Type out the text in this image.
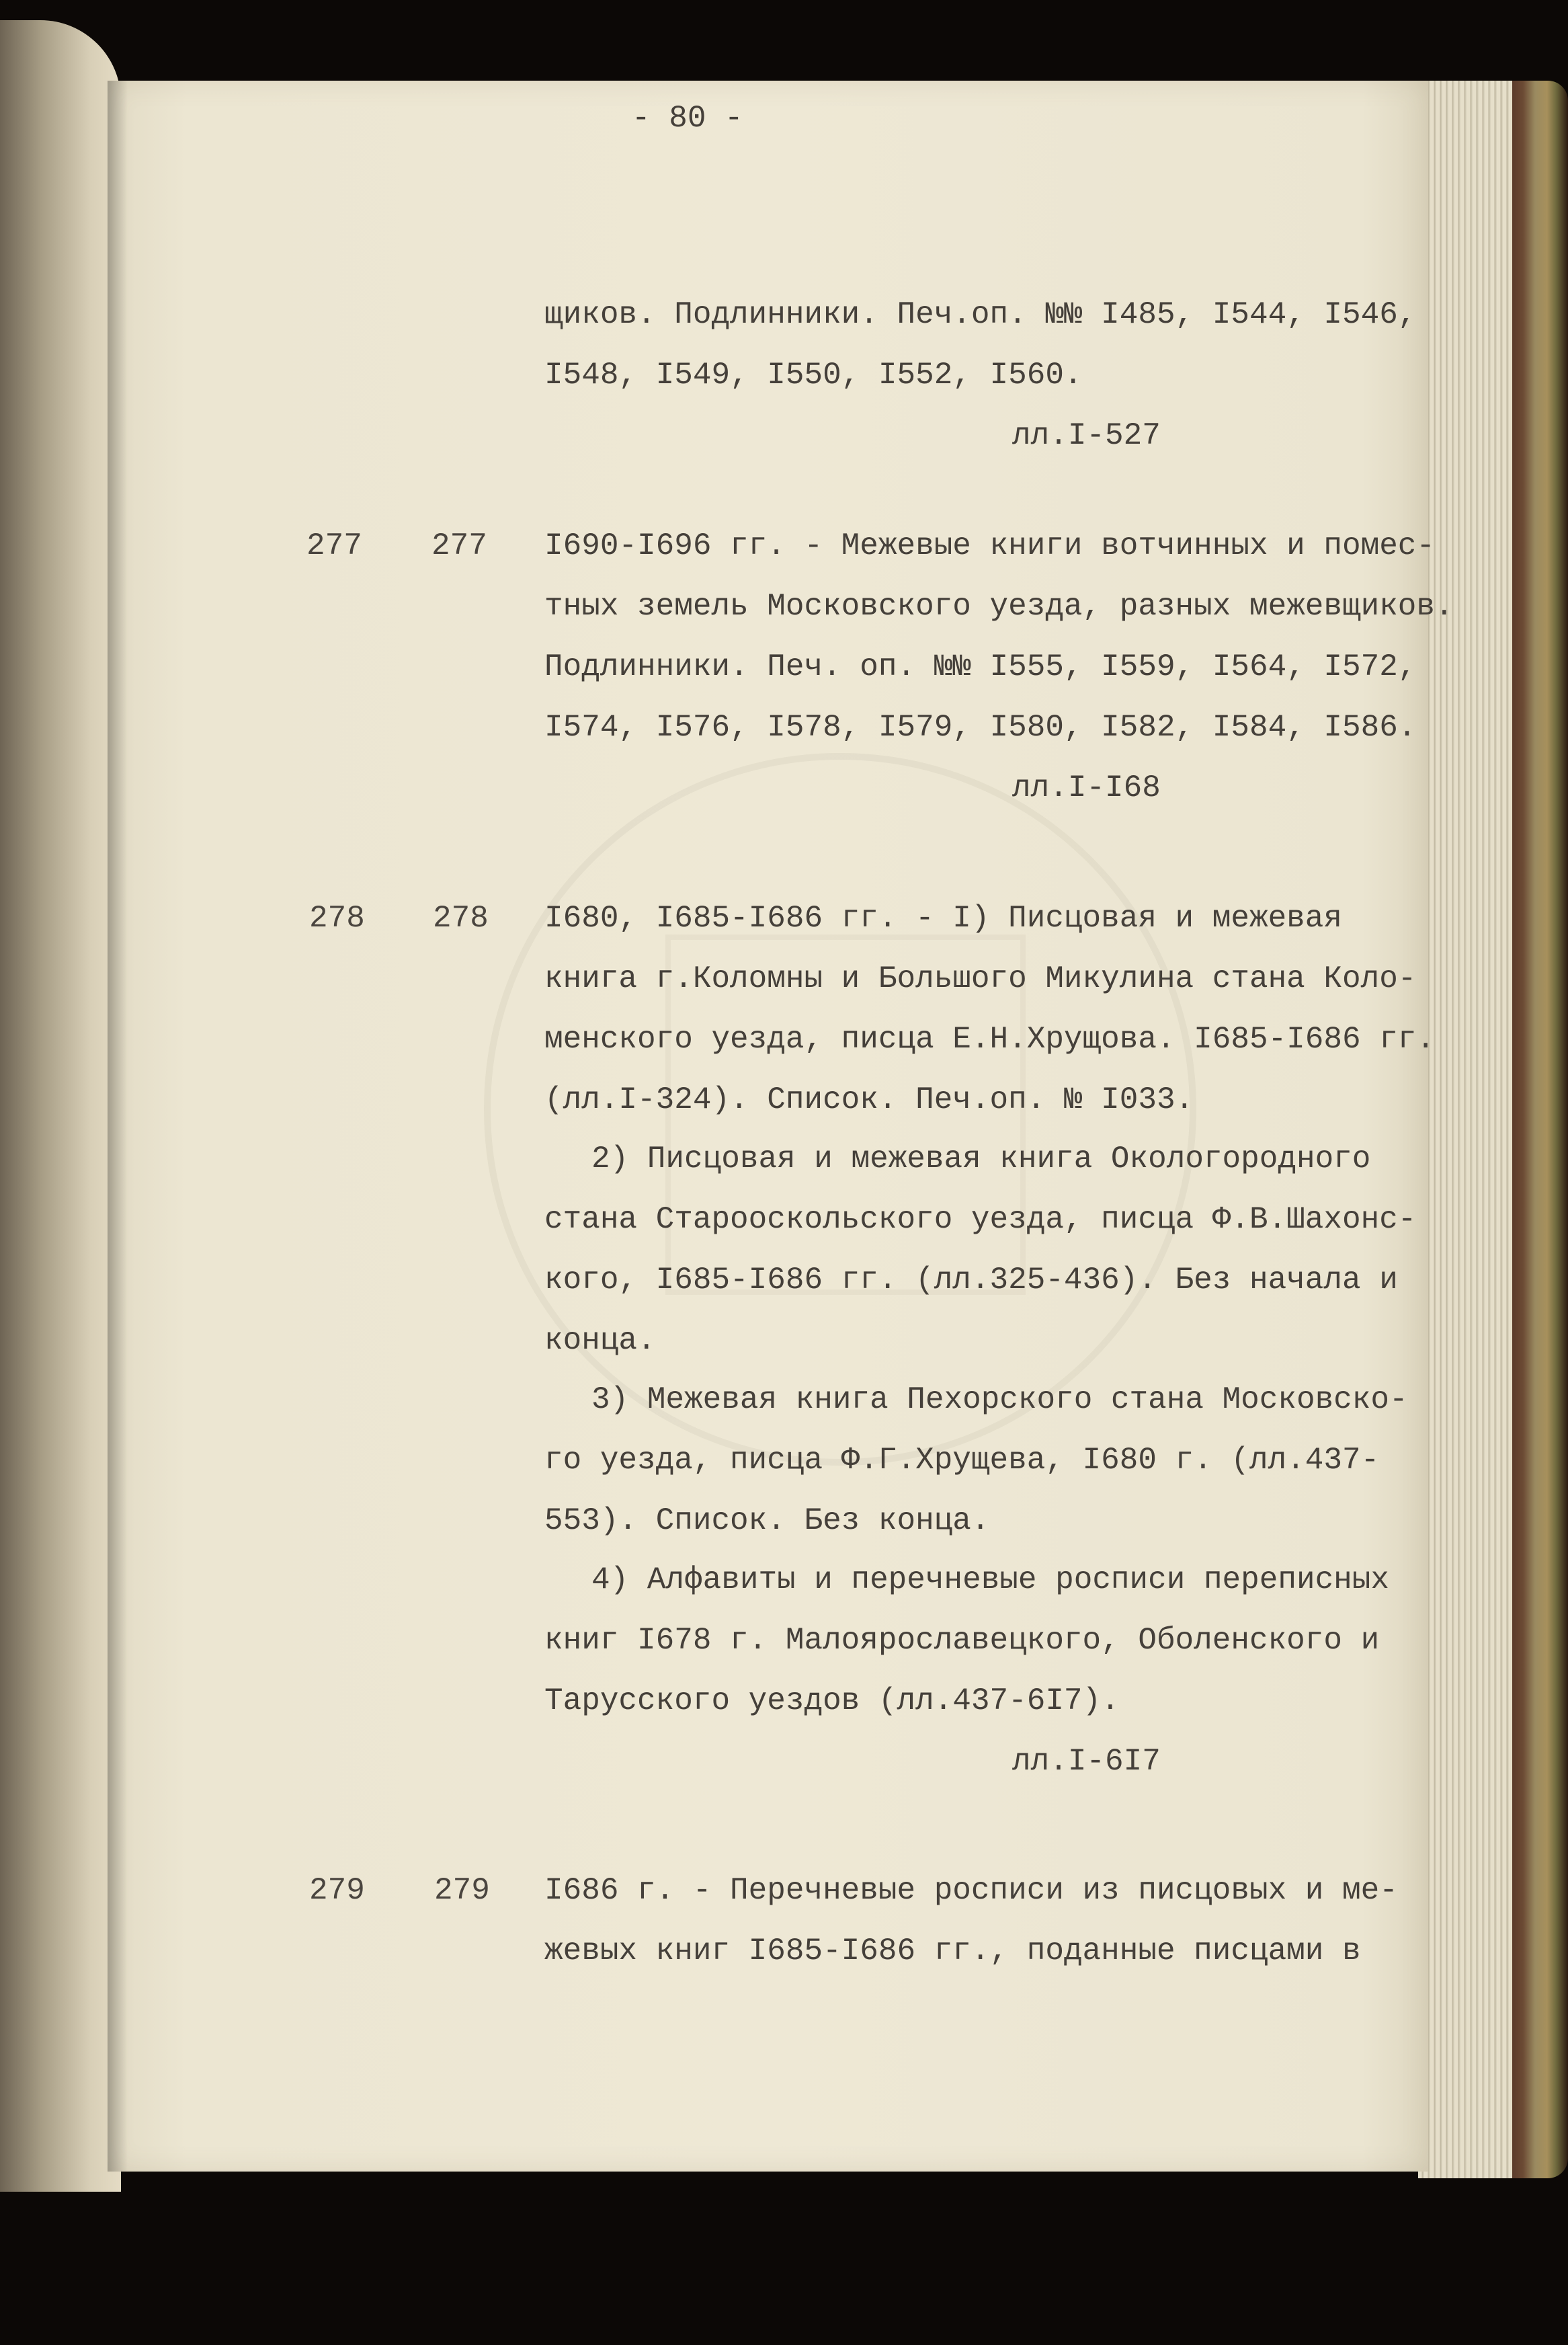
- 80 -
щиков. Подлинники. Печ.оп. №№ I485, I544, I546,
I548, I549, I550, I552, I560.
лл.I-527
277 277 I690-I696 гг. - Межевые книги вотчинных и помес-
тных земель Московского уезда, разных межевщиков.
Подлинники. Печ. оп. №№ I555, I559, I564, I572,
I574, I576, I578, I579, I580, I582, I584, I586.
лл.I-I68
278 278 I680, I685-I686 гг. - I) Писцовая и межевая
книга г.Коломны и Большого Микулина стана Коло-
менского уезда, писца Е.Н.Хрущова. I685-I686 гг.
(лл.I-324). Список. Печ.оп. № I033.
2) Писцовая и межевая книга Окологородного
стана Старооскольского уезда, писца Ф.В.Шахонс-
кого, I685-I686 гг. (лл.325-436). Без начала и
конца.
3) Межевая книга Пехорского стана Московско-
го уезда, писца Ф.Г.Хрущева, I680 г. (лл.437-
553). Список. Без конца.
4) Алфавиты и перечневые росписи переписных
книг I678 г. Малоярославецкого, Оболенского и
Тарусского уездов (лл.437-6I7).
лл.I-6I7
279 279 I686 г. - Перечневые росписи из писцовых и ме-
жевых книг I685-I686 гг., поданные писцами в
